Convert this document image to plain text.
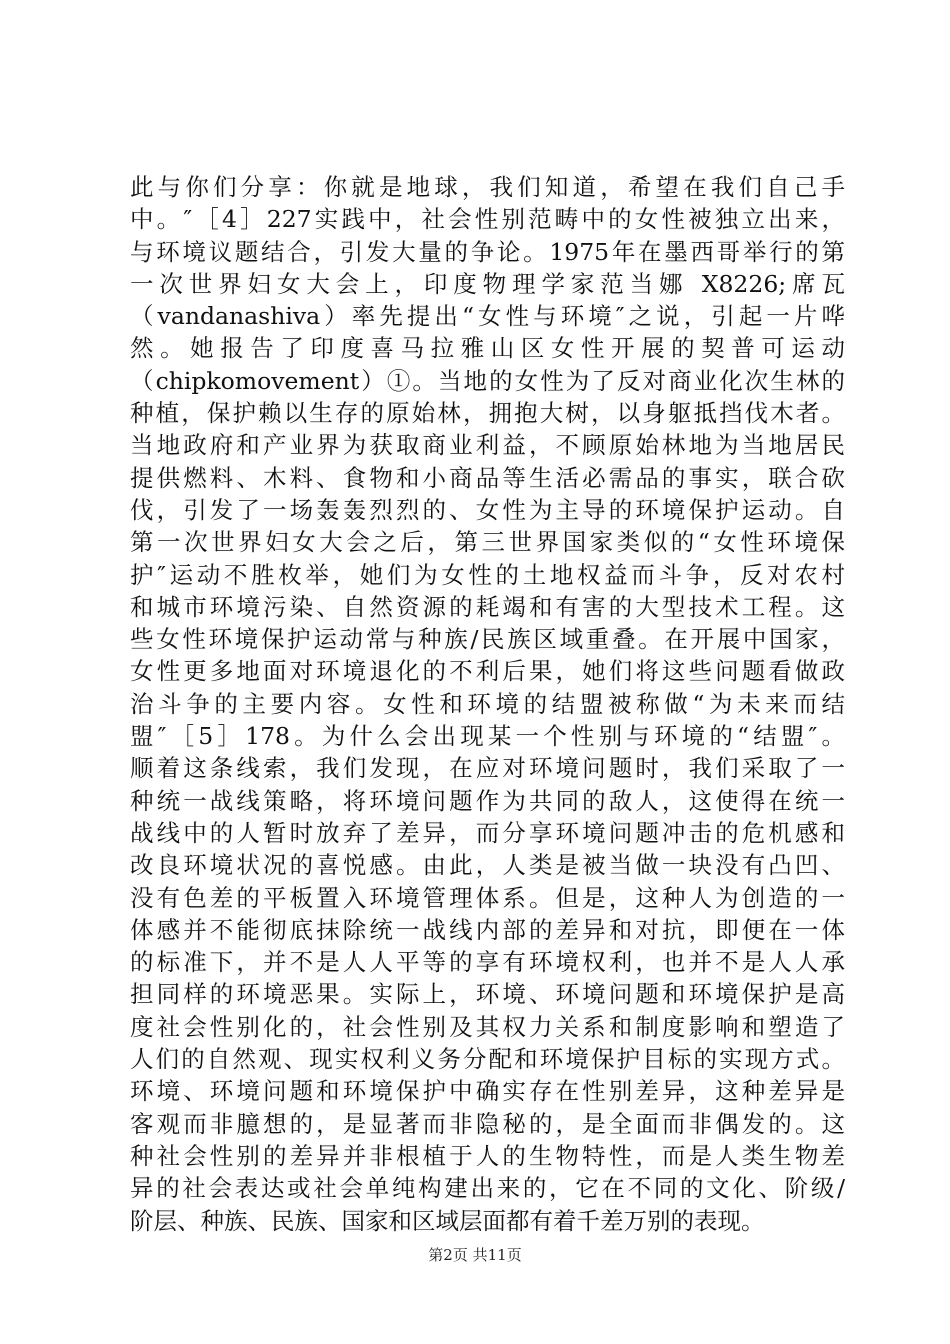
此与你们分享：你就是地球，我们知道，希望在我们自己手
中。″［4］227实践中，社会性别范畴中的女性被独立出来，
与环境议题结合，引发大量的争论。1975年在墨西哥举行的第
一次世界妇女大会上，印度物理学家范当娜 X8226;席瓦
（vandanashiva）率先提出“女性与环境″之说，引起一片哗
然。她报告了印度喜马拉雅山区女性开展的契普可运动
（chipkomovement）①。当地的女性为了反对商业化次生林的
种植，保护赖以生存的原始林，拥抱大树，以身躯抵挡伐木者。
当地政府和产业界为获取商业利益，不顾原始林地为当地居民
提供燃料、木料、食物和小商品等生活必需品的事实，联合砍
伐，引发了一场轰轰烈烈的、女性为主导的环境保护运动。自
第一次世界妇女大会之后，第三世界国家类似的“女性环境保
护″运动不胜枚举，她们为女性的土地权益而斗争，反对农村
和城市环境污染、自然资源的耗竭和有害的大型技术工程。这
些女性环境保护运动常与种族/民族区域重叠。在开展中国家，
女性更多地面对环境退化的不利后果，她们将这些问题看做政
治斗争的主要内容。女性和环境的结盟被称做“为未来而结
盟″［5］178。为什么会出现某一个性别与环境的“结盟″。
顺着这条线索，我们发现，在应对环境问题时，我们采取了一
种统一战线策略，将环境问题作为共同的敌人，这使得在统一
战线中的人暂时放弃了差异，而分享环境问题冲击的危机感和
改良环境状况的喜悦感。由此，人类是被当做一块没有凸凹、
没有色差的平板置入环境管理体系。但是，这种人为创造的一
体感并不能彻底抹除统一战线内部的差异和对抗，即便在一体
的标准下，并不是人人平等的享有环境权利，也并不是人人承
担同样的环境恶果。实际上，环境、环境问题和环境保护是高
度社会性别化的，社会性别及其权力关系和制度影响和塑造了
人们的自然观、现实权利义务分配和环境保护目标的实现方式。
环境、环境问题和环境保护中确实存在性别差异，这种差异是
客观而非臆想的，是显著而非隐秘的，是全面而非偶发的。这
种社会性别的差异并非根植于人的生物特性，而是人类生物差
异的社会表达或社会单纯构建出来的，它在不同的文化、阶级/
阶层、种族、民族、国家和区域层面都有着千差万别的表现。
第2页 共11页
